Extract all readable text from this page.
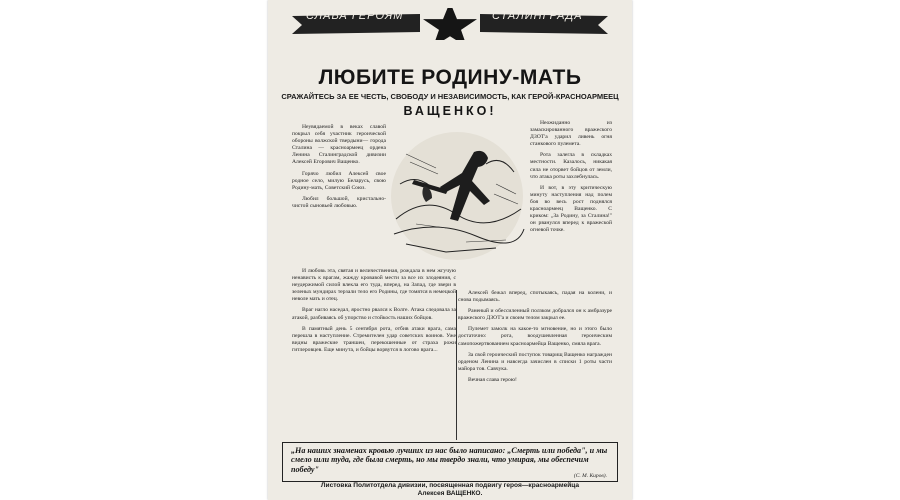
СЛАВА ГЕРОЯМ	СТАЛИНГРАДА
ЛЮБИТЕ РОДИНУ-МАТЬ
СРАЖАЙТЕСЬ ЗА ЕЕ ЧЕСТЬ, СВОБОДУ И НЕЗАВИСИМОСТЬ, КАК ГЕРОЙ-КРАСНОАРМЕЕЦ
ВАЩЕНКО!

Неувядаемой в веках славой покрыл себя участник героической обороны волжской твердыни— города Сталина — красноармеец ордена Ленина Сталинградской дивизии Алексей Егорович Ващенко.

Горячо любил Алексей свое родное село, милую Беларусь, свою Родину-мать, Советский Союз.

Любил большой, кристально-чистой сыновьей любовью.

Неожиданно из замаскированного вражеского ДЗОТ'а ударил ливень огня станкового пулемета.

Рота залегла в складках местности. Казалось, никакая сила не оторвет бойцов от земли, что атака роты захлебнулась.

И вот, в эту критическую минуту наступления над полем боя во весь рост поднялся красноармеец Ващенко. С криком: „За Родину, за Сталина!" он рванулся вперед к вражеской огневой точке.

И любовь эта, святая и величественная, рождала в нем жгучую ненависть к врагам, жажду кровавой мести за все их злодеяния, с неудержимой силой влекла его туда, вперед, на Запад, где звери в зеленых мундирах терзали тело его Родины, где томятся в немецкой неволе мать и отец.

Враг нагло наседал, яростно рвался к Волге. Атака следовала за атакой, разбиваясь об упорство и стойкость наших бойцов.

В памятный день 5 сентября рота, отбив атаки врага, сама перешла в наступление. Стремителен удар советских воинов. Уже видны вражеские траншеи, перекошенные от страха рожи гитлеровцев. Еще минута, и бойцы ворвутся в логово врага...

Алексей бежал вперед, спотыкаясь, падая на колени, и снова подымаясь.

Раненый и обессиленный ползком добрался он к амбразуре вражеского ДЗОТ'а и своим телом закрыл ее.

Пулемет замолк на какое-то мгновение, но и этого было достаточно: рота, воодушевленная героическим самопожертвованием красноармейца Ващенко, смяла врага.

За свой героический поступок товарищ Ващенко награжден орденом Ленина и навсегда зачислен в списки 1 роты части майора тов. Савчука.

Вечная слава герою!

„На наших знаменах кровью лучших из нас было написано: „Смерть или победа", и мы смело шли туда, где была смерть, но мы твердо знали, что умирая, мы обеспечим победу"
(С. М. Киров).
Листовка Политотдела дивизии, посвященная подвигу героя—красноармейца
Алексея ВАЩЕНКО.
